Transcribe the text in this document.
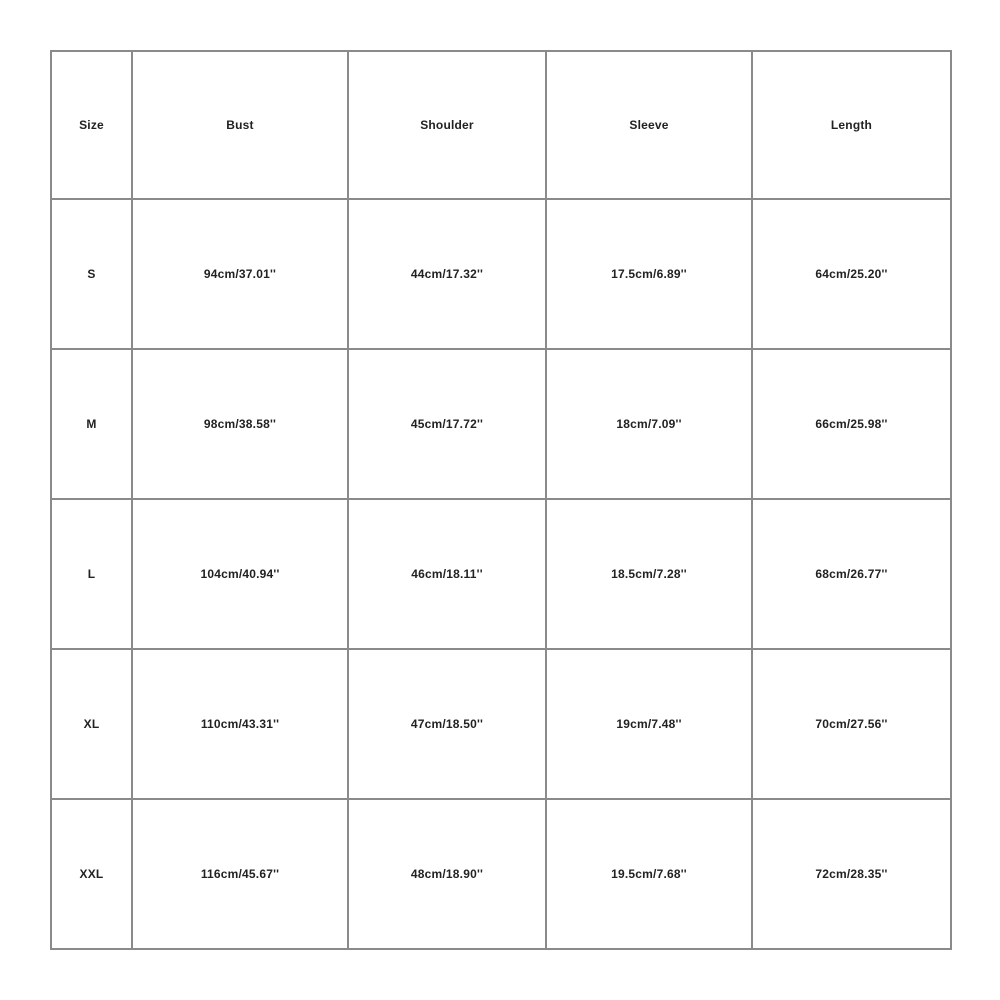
Size	Bust	Shoulder	Sleeve	Length
S	94cm/37.01''	44cm/17.32''	17.5cm/6.89''	64cm/25.20''
M	98cm/38.58''	45cm/17.72''	18cm/7.09''	66cm/25.98''
L	104cm/40.94''	46cm/18.11''	18.5cm/7.28''	68cm/26.77''
XL	110cm/43.31''	47cm/18.50''	19cm/7.48''	70cm/27.56''
XXL	116cm/45.67''	48cm/18.90''	19.5cm/7.68''	72cm/28.35''
